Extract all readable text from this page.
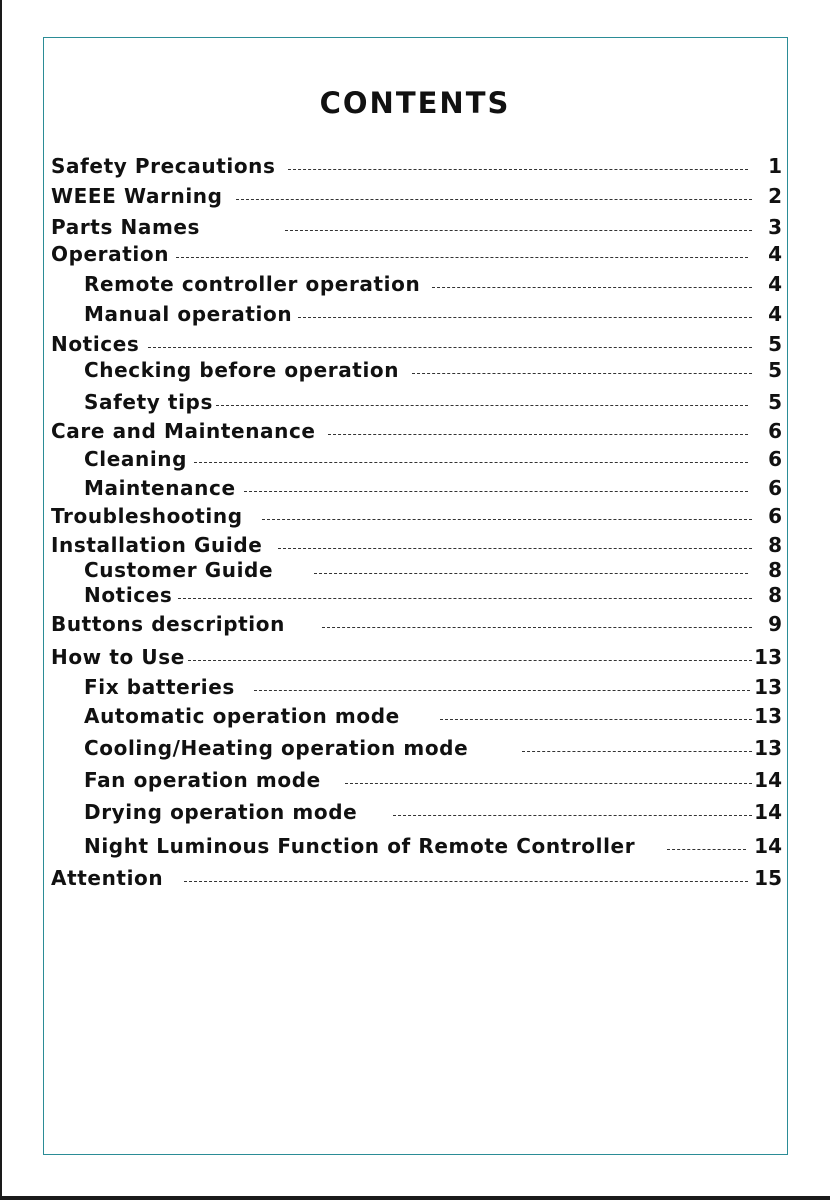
CONTENTS
Safety Precautions	1
WEEE Warning	2
Parts Names	3
Operation	4
Remote controller operation	4
Manual operation	4
Notices	5
Checking before operation	5
Safety tips	5
Care and Maintenance	6
Cleaning	6
Maintenance	6
Troubleshooting	6
Installation Guide	8
Customer Guide	8
Notices	8
Buttons description	9
How to Use	13
Fix batteries	13
Automatic operation mode	13
Cooling/Heating operation mode	13
Fan operation mode	14
Drying operation mode	14
Night Luminous Function of Remote Controller	14
Attention	15
